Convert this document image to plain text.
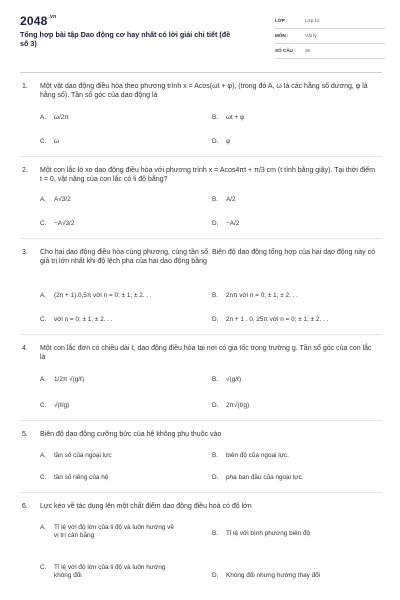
$2048^{.vn}$
Tổng hợp bài tập Dao động cơ hay nhất có lời giải chi tiết (đề số 3)
LỚP :	Lớp 12
MÔN :	Vật lý
SỐ CÂU : 30
1. Một vật dao động điều hòa theo phương trình x = Acos(ωt + φ), (trong đó A, ω là các hằng số dương, φ là hằng số). Tần số góc của dao động là
A. ω/2π	B. ωt + φ
C. ω	D. φ
2. Một con lắc lò xo dao động điều hòa với phương trình x = Acos4πt + π/3 cm (t tính bằng giây). Tại thời điểm t = 0, vật nặng của con lắc có li độ bằng?
A. A√3/2	B. A/2
C. −A√3/2	D. −A/2
3. Cho hai dao động điều hòa cùng phương, cùng tần số. Biên độ dao động tổng hợp của hai dao động này có giá trị lớn nhất khi độ lệch pha của hai dao động bằng
A. (2n + 1).0,5π với n = 0; ± 1; ± 2. . .	B. 2nπ với n = 0; ± 1; ± 2. . .
C. với n = 0; ± 1; ± 2. . .	D. 2n + 1 . 0, 25π với n = 0; ± 1; ± 2. . .
4. Một con lắc đơn có chiều dài ℓ, dao động điều hòa tại nơi có gia tốc trọng trường g. Tần số góc của con lắc là
A. 1/2π √(g/ℓ)	B. √(g/ℓ)
C. √(ℓ/g)	D. 2π√(ℓ/g)
5. Biên độ dao động cưỡng bức của hệ không phụ thuộc vào
A. tần số của ngoại lực	B. biên độ của ngoại lực.
C. tần số riêng của hệ	D. pha ban đầu của ngoại lực.
6. Lực kéo về tác dụng lên một chất điểm dao động điều hoà có độ lớn
A. Tỉ lệ với độ lớn của li độ và luôn hướng về vị trí cân bằng	B. Tỉ lệ với bình phương biên độ
C. Tỉ lệ với độ lớn của li độ và luôn hướng không đổi	D. Không đổi nhưng hướng thay đổi
